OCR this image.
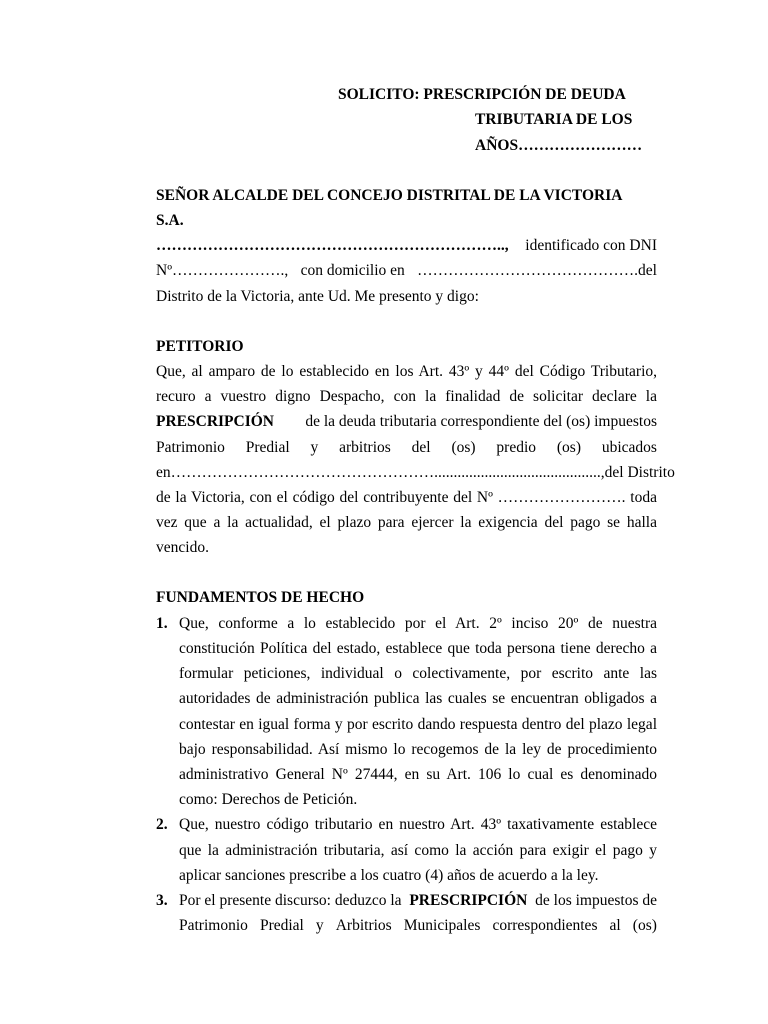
SOLICITO: PRESCRIPCIÓN DE DEUDA
TRIBUTARIA DE LOS
AÑOS……………………
SEÑOR ALCALDE DEL CONCEJO DISTRITAL DE LA VICTORIA
S.A.
………………………………………………………….., identificado con DNI
Nº…………………., con domicilio en …………………………………….del
Distrito de la Victoria, ante Ud. Me presento y digo:
PETITORIO
Que, al amparo de lo establecido en los Art. 43º y 44º del Código Tributario,
recuro a vuestro digno Despacho, con la finalidad de solicitar declare la
PRESCRIPCIÓN de la deuda tributaria correspondiente del (os) impuestos
Patrimonio Predial y arbitrios del (os) predio (os) ubicados
en……………………………………………..........................................., del Distrito
de la Victoria, con el código del contribuyente del Nº ……………………. toda
vez que a la actualidad, el plazo para ejercer la exigencia del pago se halla
vencido.
FUNDAMENTOS DE HECHO
1. Que, conforme a lo establecido por el Art. 2º inciso 20º de nuestra
constitución Política del estado, establece que toda persona tiene derecho a
formular peticiones, individual o colectivamente, por escrito ante las
autoridades de administración publica las cuales se encuentran obligados a
contestar en igual forma y por escrito dando respuesta dentro del plazo legal
bajo responsabilidad. Así mismo lo recogemos de la ley de procedimiento
administrativo General Nº 27444, en su Art. 106 lo cual es denominado
como: Derechos de Petición.
2. Que, nuestro código tributario en nuestro Art. 43º taxativamente establece
que la administración tributaria, así como la acción para exigir el pago y
aplicar sanciones prescribe a los cuatro (4) años de acuerdo a la ley.
3. Por el presente discurso: deduzco la PRESCRIPCIÓN de los impuestos de
Patrimonio Predial y Arbitrios Municipales correspondientes al (os)
